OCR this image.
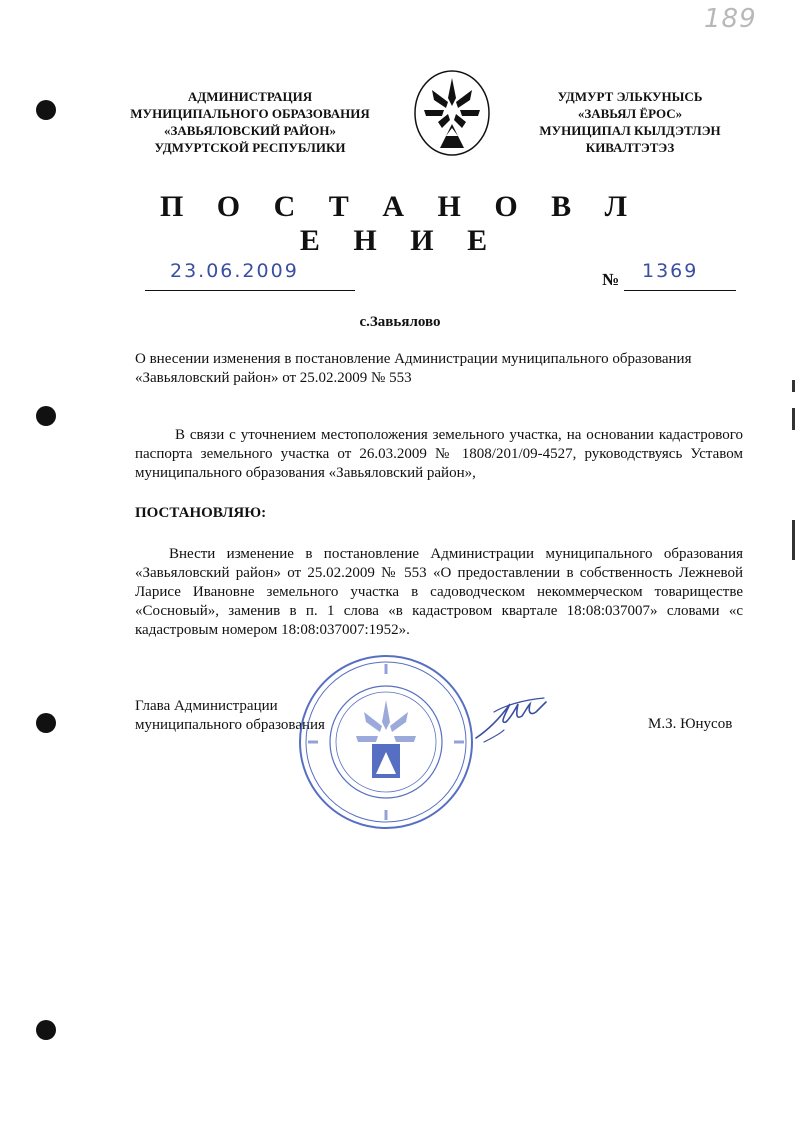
189
АДМИНИСТРАЦИЯ
МУНИЦИПАЛЬНОГО ОБРАЗОВАНИЯ
«ЗАВЬЯЛОВСКИЙ РАЙОН»
УДМУРТСКОЙ РЕСПУБЛИКИ
УДМУРТ ЭЛЬКУНЫСЬ
«ЗАВЬЯЛ ЁРОС»
МУНИЦИПАЛ КЫЛДЭТЛЭН
КИВАЛТЭТЭЗ
П О С Т А Н О В Л Е Н И Е
23.06.2009	№ 1369
с.Завьялово
О внесении изменения в постановление Администрации муниципального образования «Завьяловский район» от 25.02.2009 № 553
В связи с уточнением местоположения земельного участка, на основании кадастрового паспорта земельного участка от 26.03.2009 № 1808/201/09-4527, руководствуясь Уставом муниципального образования «Завьяловский район»,
ПОСТАНОВЛЯЮ:
Внести изменение в постановление Администрации муниципального образования «Завьяловский район» от 25.02.2009 № 553 «О предоставлении в собственность Лежневой Ларисе Ивановне земельного участка в садоводческом некоммерческом товариществе «Сосновый», заменив в п. 1 слова «в кадастровом квартале 18:08:037007» словами «с кадастровым номером 18:08:037007:1952».
Глава Администрации
муниципального образования	М.З. Юнусов
